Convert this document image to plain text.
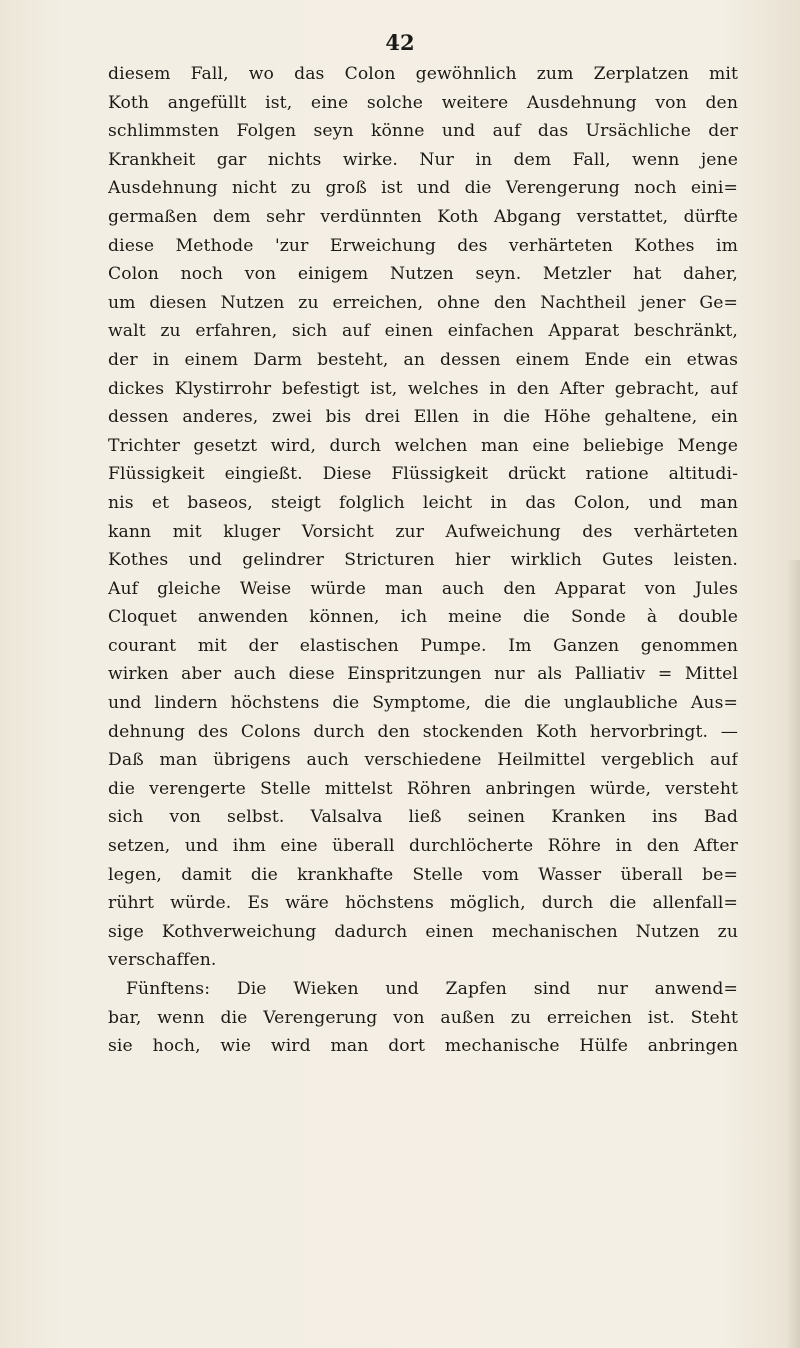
42
diesem Fall, wo das Colon gewöhnlich zum Zerplatzen mit
Koth angefüllt ist, eine solche weitere Ausdehnung von den
schlimmsten Folgen seyn könne und auf das Ursächliche der
Krankheit gar nichts wirke. Nur in dem Fall, wenn jene
Ausdehnung nicht zu groß ist und die Verengerung noch eini=
germaßen dem sehr verdünnten Koth Abgang verstattet, dürfte
diese Methode 'zur Erweichung des verhärteten Kothes im
Colon noch von einigem Nutzen seyn. Metzler hat daher,
um diesen Nutzen zu erreichen, ohne den Nachtheil jener Ge=
walt zu erfahren, sich auf einen einfachen Apparat beschränkt,
der in einem Darm besteht, an dessen einem Ende ein etwas
dickes Klystirrohr befestigt ist, welches in den After gebracht, auf
dessen anderes, zwei bis drei Ellen in die Höhe gehaltene, ein
Trichter gesetzt wird, durch welchen man eine beliebige Menge
Flüssigkeit eingießt. Diese Flüssigkeit drückt ratione altitudi-
nis et baseos, steigt folglich leicht in das Colon, und man
kann mit kluger Vorsicht zur Aufweichung des verhärteten
Kothes und gelindrer Stricturen hier wirklich Gutes leisten.
Auf gleiche Weise würde man auch den Apparat von Jules
Cloquet anwenden können, ich meine die Sonde à double
courant mit der elastischen Pumpe. Im Ganzen genommen
wirken aber auch diese Einspritzungen nur als Palliativ = Mittel
und lindern höchstens die Symptome, die die unglaubliche Aus=
dehnung des Colons durch den stockenden Koth hervorbringt. —
Daß man übrigens auch verschiedene Heilmittel vergeblich auf
die verengerte Stelle mittelst Röhren anbringen würde, versteht
sich von selbst. Valsalva ließ seinen Kranken ins Bad
setzen, und ihm eine überall durchlöcherte Röhre in den After
legen, damit die krankhafte Stelle vom Wasser überall be=
rührt würde. Es wäre höchstens möglich, durch die allenfall=
sige Kothverweichung dadurch einen mechanischen Nutzen zu
verschaffen.
Fünftens: Die Wieken und Zapfen sind nur anwend=
bar, wenn die Verengerung von außen zu erreichen ist. Steht
sie hoch, wie wird man dort mechanische Hülfe anbringen
